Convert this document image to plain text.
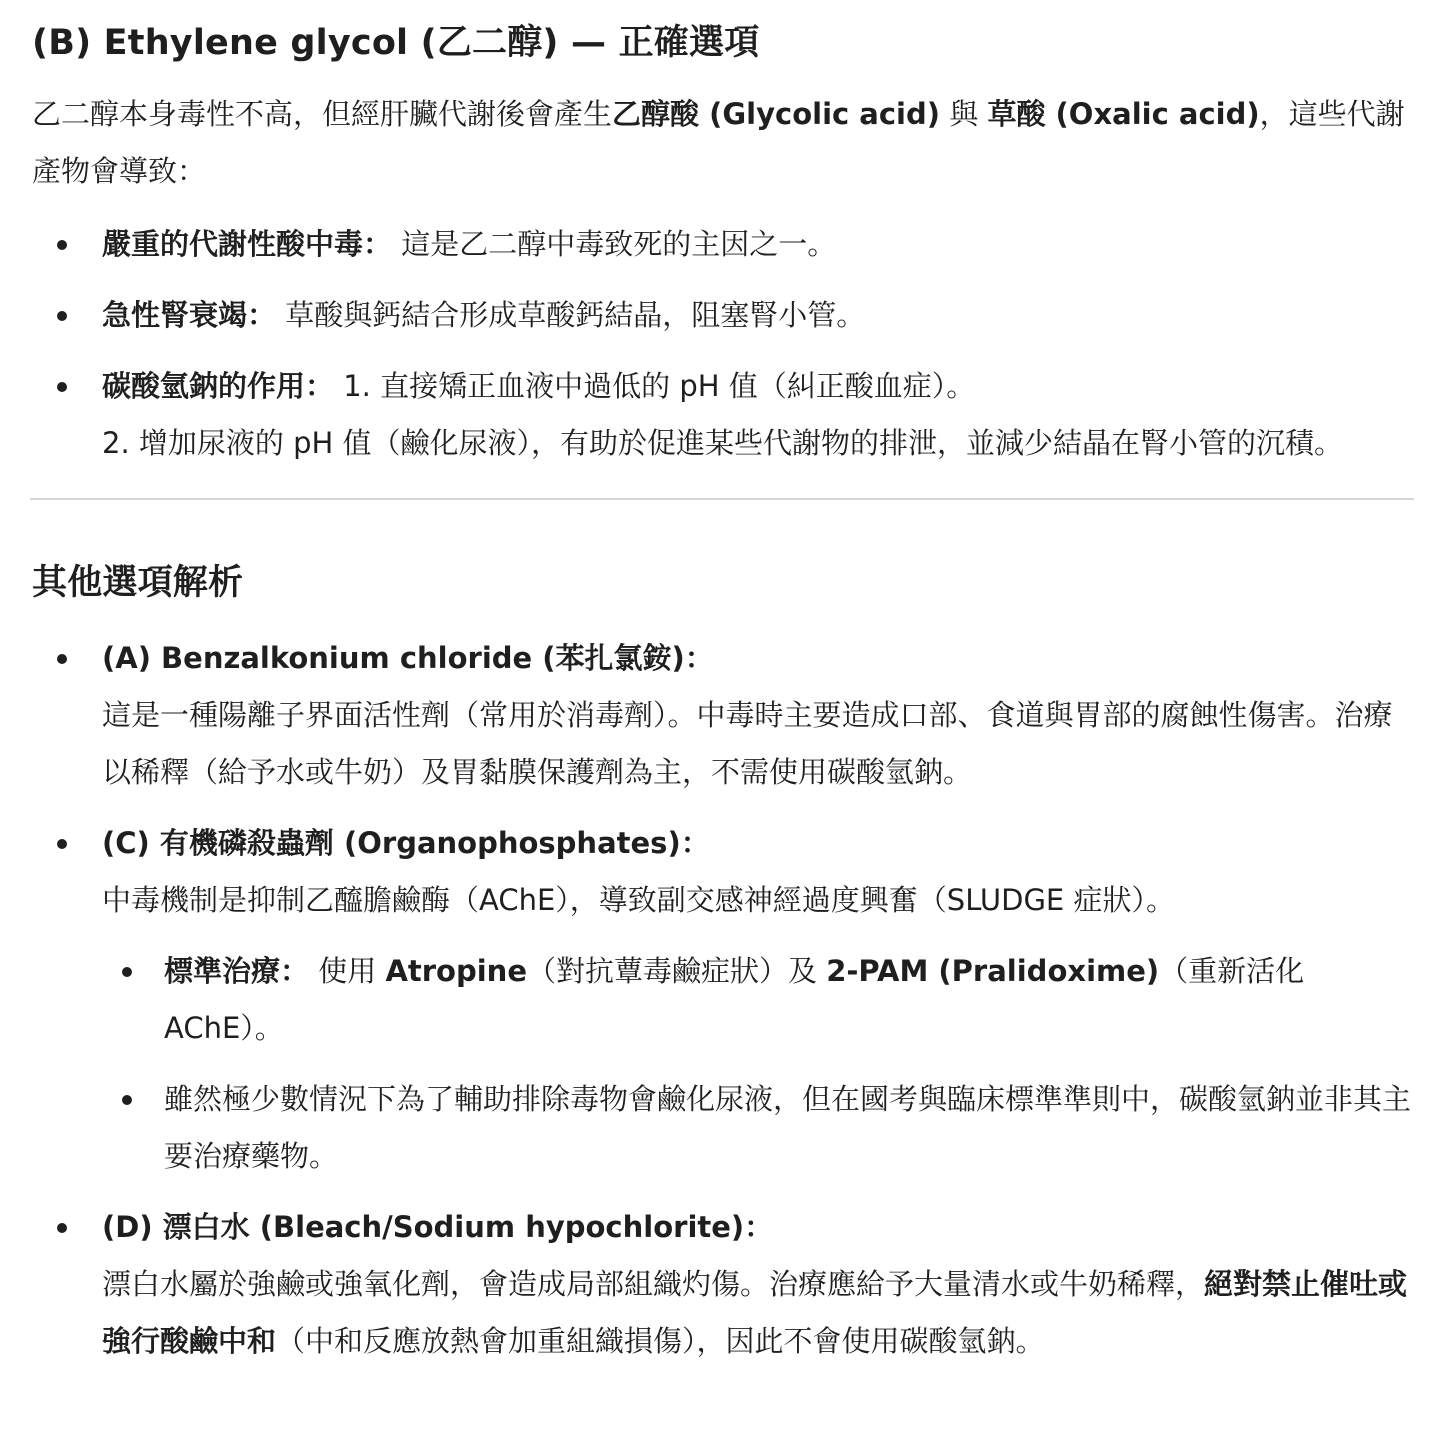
(B) Ethylene glycol (乙二醇) — 正確選項

乙二醇本身毒性不高，但經肝臟代謝後會產生乙醇酸 (Glycolic acid) 與 草酸 (Oxalic acid)，這些代謝產物會導致：

嚴重的代謝性酸中毒： 這是乙二醇中毒致死的主因之一。
急性腎衰竭： 草酸與鈣結合形成草酸鈣結晶，阻塞腎小管。
碳酸氫鈉的作用： 1. 直接矯正血液中過低的 pH 值（糾正酸血症）。
2. 增加尿液的 pH 值（鹼化尿液），有助於促進某些代謝物的排泄，並減少結晶在腎小管的沉積。
其他選項解析
(A) Benzalkonium chloride (苯扎氯銨)：
這是一種陽離子界面活性劑（常用於消毒劑）。中毒時主要造成口部、食道與胃部的腐蝕性傷害。治療以稀釋（給予水或牛奶）及胃黏膜保護劑為主，不需使用碳酸氫鈉。
(C) 有機磷殺蟲劑 (Organophosphates)：
中毒機制是抑制乙醯膽鹼酶（AChE），導致副交感神經過度興奮（SLUDGE 症狀）。
標準治療： 使用 Atropine（對抗蕈毒鹼症狀）及 2-PAM (Pralidoxime)（重新活化 AChE）。
雖然極少數情況下為了輔助排除毒物會鹼化尿液，但在國考與臨床標準準則中，碳酸氫鈉並非其主要治療藥物。
(D) 漂白水 (Bleach/Sodium hypochlorite)：
漂白水屬於強鹼或強氧化劑，會造成局部組織灼傷。治療應給予大量清水或牛奶稀釋，絕對禁止催吐或強行酸鹼中和（中和反應放熱會加重組織損傷），因此不會使用碳酸氫鈉。
